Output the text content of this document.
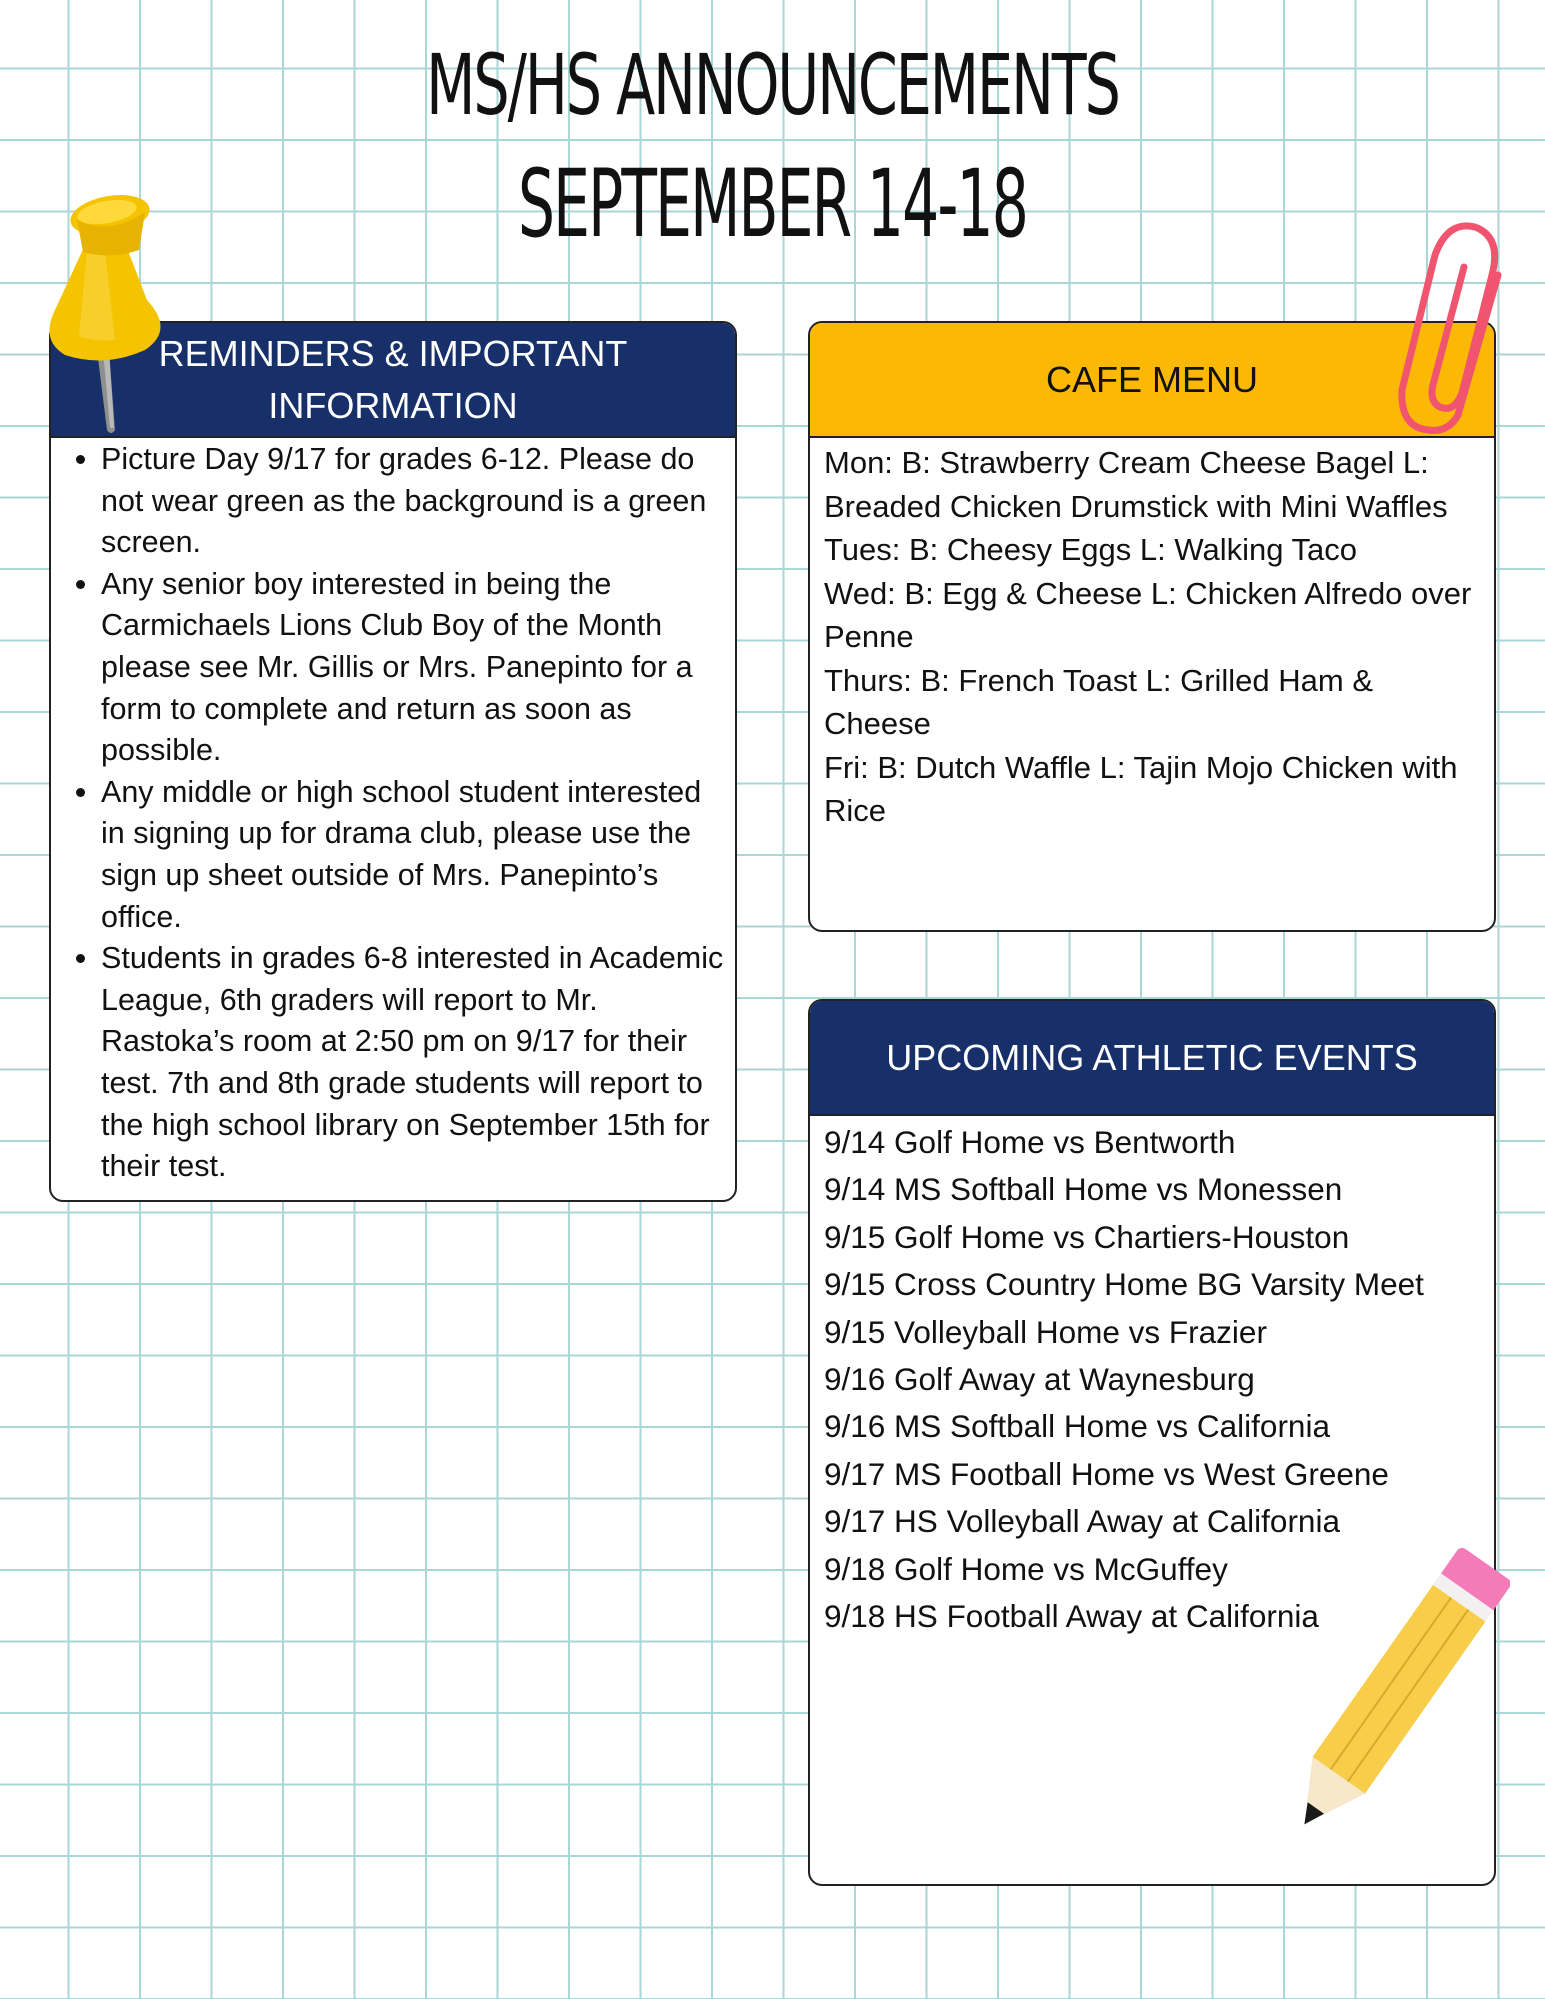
MS/HS ANNOUNCEMENTS
SEPTEMBER 14-18
REMINDERS & IMPORTANT INFORMATION
• Picture Day 9/17 for grades 6-12. Please do not wear green as the background is a green screen.
• Any senior boy interested in being the Carmichaels Lions Club Boy of the Month please see Mr. Gillis or Mrs. Panepinto for a form to complete and return as soon as possible.
• Any middle or high school student interested in signing up for drama club, please use the sign up sheet outside of Mrs. Panepinto’s office.
• Students in grades 6-8 interested in Academic League, 6th graders will report to Mr. Rastoka’s room at 2:50 pm on 9/17 for their test. 7th and 8th grade students will report to the high school library on September 15th for their test.
CAFE MENU
Mon: B: Strawberry Cream Cheese Bagel L: Breaded Chicken Drumstick with Mini Waffles
Tues: B: Cheesy Eggs L: Walking Taco
Wed: B: Egg & Cheese L: Chicken Alfredo over Penne
Thurs: B: French Toast L: Grilled Ham & Cheese
Fri: B: Dutch Waffle L: Tajin Mojo Chicken with Rice
UPCOMING ATHLETIC EVENTS
9/14 Golf Home vs Bentworth
9/14 MS Softball Home vs Monessen
9/15 Golf Home vs Chartiers-Houston
9/15 Cross Country Home BG Varsity Meet
9/15 Volleyball Home vs Frazier
9/16 Golf Away at Waynesburg
9/16 MS Softball Home vs California
9/17 MS Football Home vs West Greene
9/17 HS Volleyball Away at California
9/18 Golf Home vs McGuffey
9/18 HS Football Away at California
